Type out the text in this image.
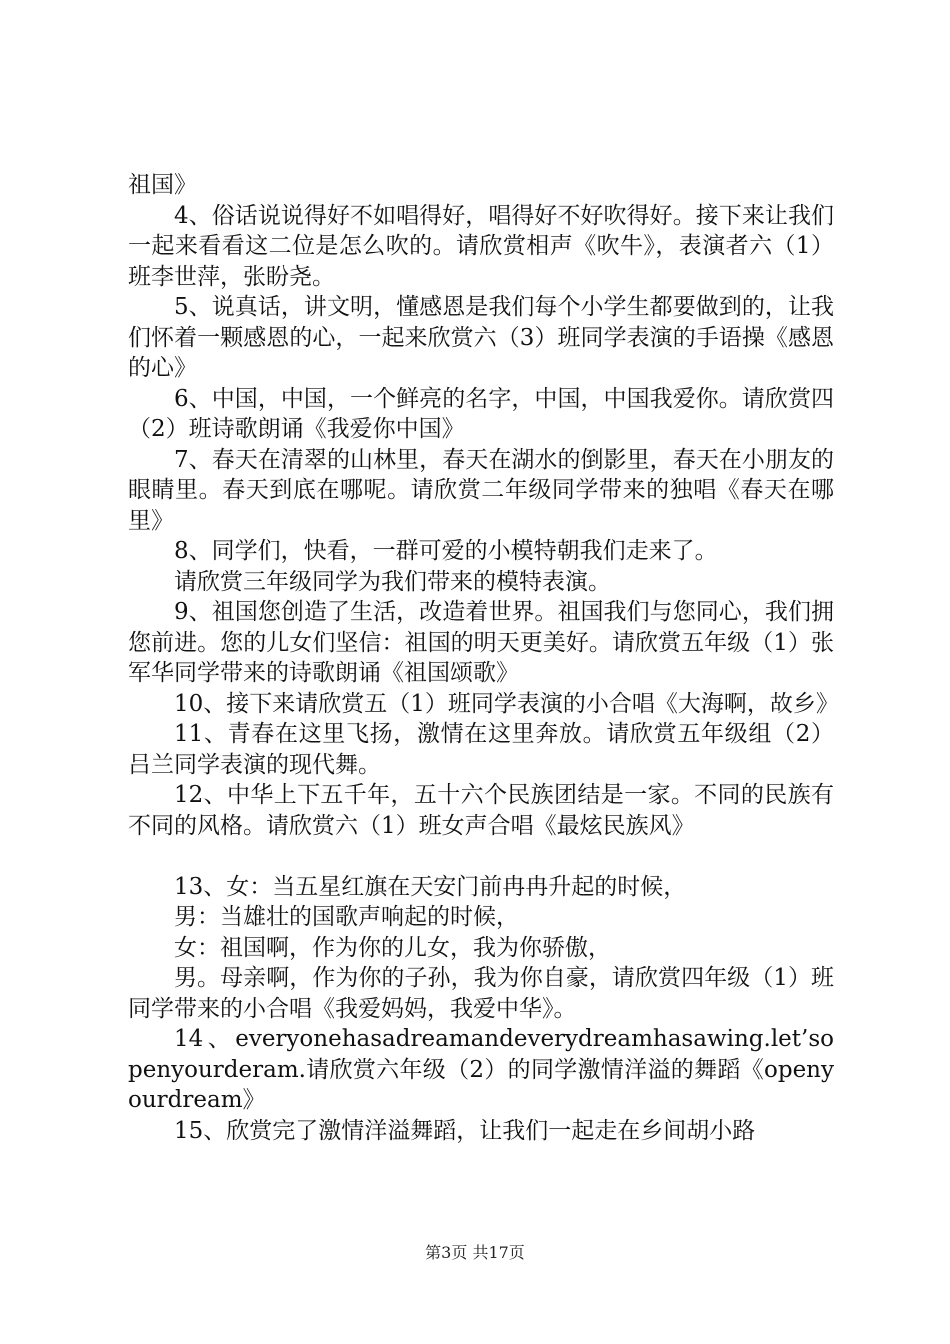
祖国》

4、俗话说说得好不如唱得好，唱得好不好吹得好。接下来让我们一起来看看这二位是怎么吹的。请欣赏相声《吹牛》，表演者六（1）班李世萍，张盼尧。

5、说真话，讲文明，懂感恩是我们每个小学生都要做到的，让我们怀着一颗感恩的心，一起来欣赏六（3）班同学表演的手语操《感恩的心》

6、中国，中国，一个鲜亮的名字，中国，中国我爱你。请欣赏四（2）班诗歌朗诵《我爱你中国》

7、春天在清翠的山林里，春天在湖水的倒影里，春天在小朋友的眼睛里。春天到底在哪呢。请欣赏二年级同学带来的独唱《春天在哪里》

8、同学们，快看，一群可爱的小模特朝我们走来了。

请欣赏三年级同学为我们带来的模特表演。

9、祖国您创造了生活，改造着世界。祖国我们与您同心，我们拥您前进。您的儿女们坚信：祖国的明天更美好。请欣赏五年级（1）张军华同学带来的诗歌朗诵《祖国颂歌》

10、接下来请欣赏五（1）班同学表演的小合唱《大海啊，故乡》

11、青春在这里飞扬，激情在这里奔放。请欣赏五年级组（2）吕兰同学表演的现代舞。

12、中华上下五千年，五十六个民族团结是一家。不同的民族有不同的风格。请欣赏六（1）班女声合唱《最炫民族风》

13、女：当五星红旗在天安门前冉冉升起的时候，

男：当雄壮的国歌声响起的时候，

女：祖国啊，作为你的儿女，我为你骄傲，

男。母亲啊，作为你的子孙，我为你自豪，请欣赏四年级（1）班同学带来的小合唱《我爱妈妈，我爱中华》。

14、everyonehasadreamandeverydreamhasawing.let’sopenyourderam.请欣赏六年级（2）的同学激情洋溢的舞蹈《openyourdream》

15、欣赏完了激情洋溢舞蹈，让我们一起走在乡间胡小路

第3页 共17页
